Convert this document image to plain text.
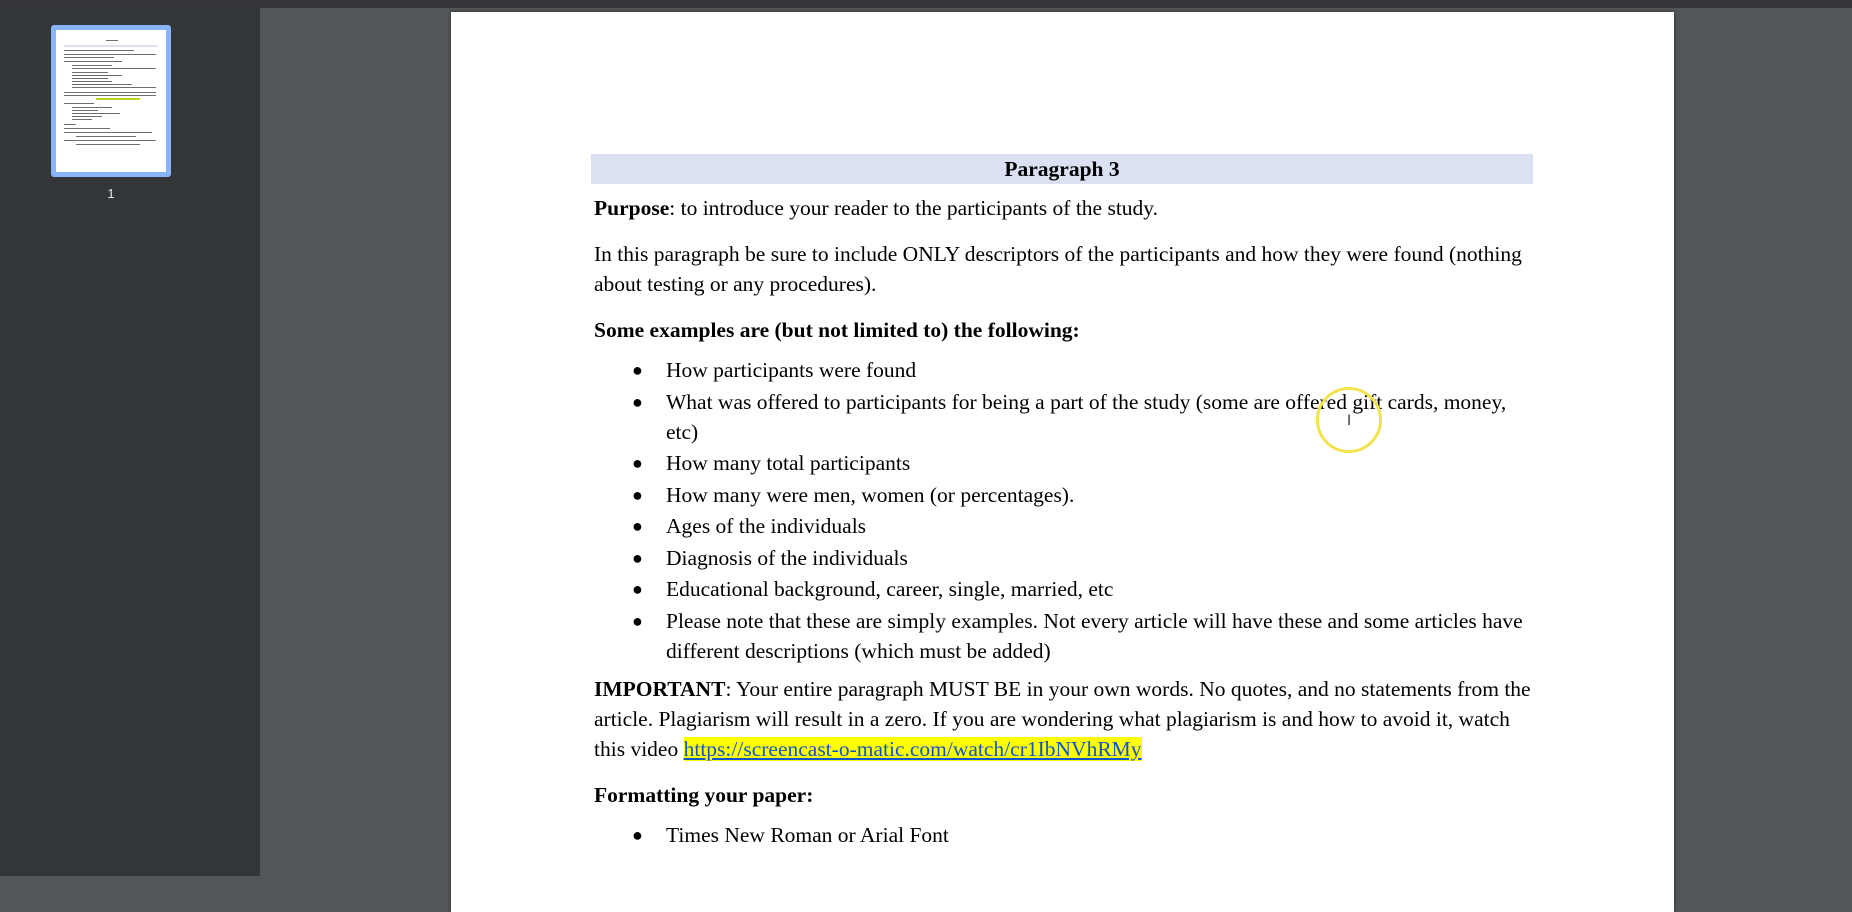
1
Paragraph 3
Purpose: to introduce your reader to the participants of the study.
In this paragraph be sure to include ONLY descriptors of the participants and how they were found (nothing about testing or any procedures).
Some examples are (but not limited to) the following:
● How participants were found
● What was offered to participants for being a part of the study (some are offered gift cards, money, etc)
● How many total participants
● How many were men, women (or percentages).
● Ages of the individuals
● Diagnosis of the individuals
● Educational background, career, single, married, etc
● Please note that these are simply examples. Not every article will have these and some articles have different descriptions (which must be added)
IMPORTANT: Your entire paragraph MUST BE in your own words. No quotes, and no statements from the article. Plagiarism will result in a zero. If you are wondering what plagiarism is and how to avoid it, watch this video https://screencast-o-matic.com/watch/cr1IbNVhRMy
Formatting your paper:
● Times New Roman or Arial Font
I
